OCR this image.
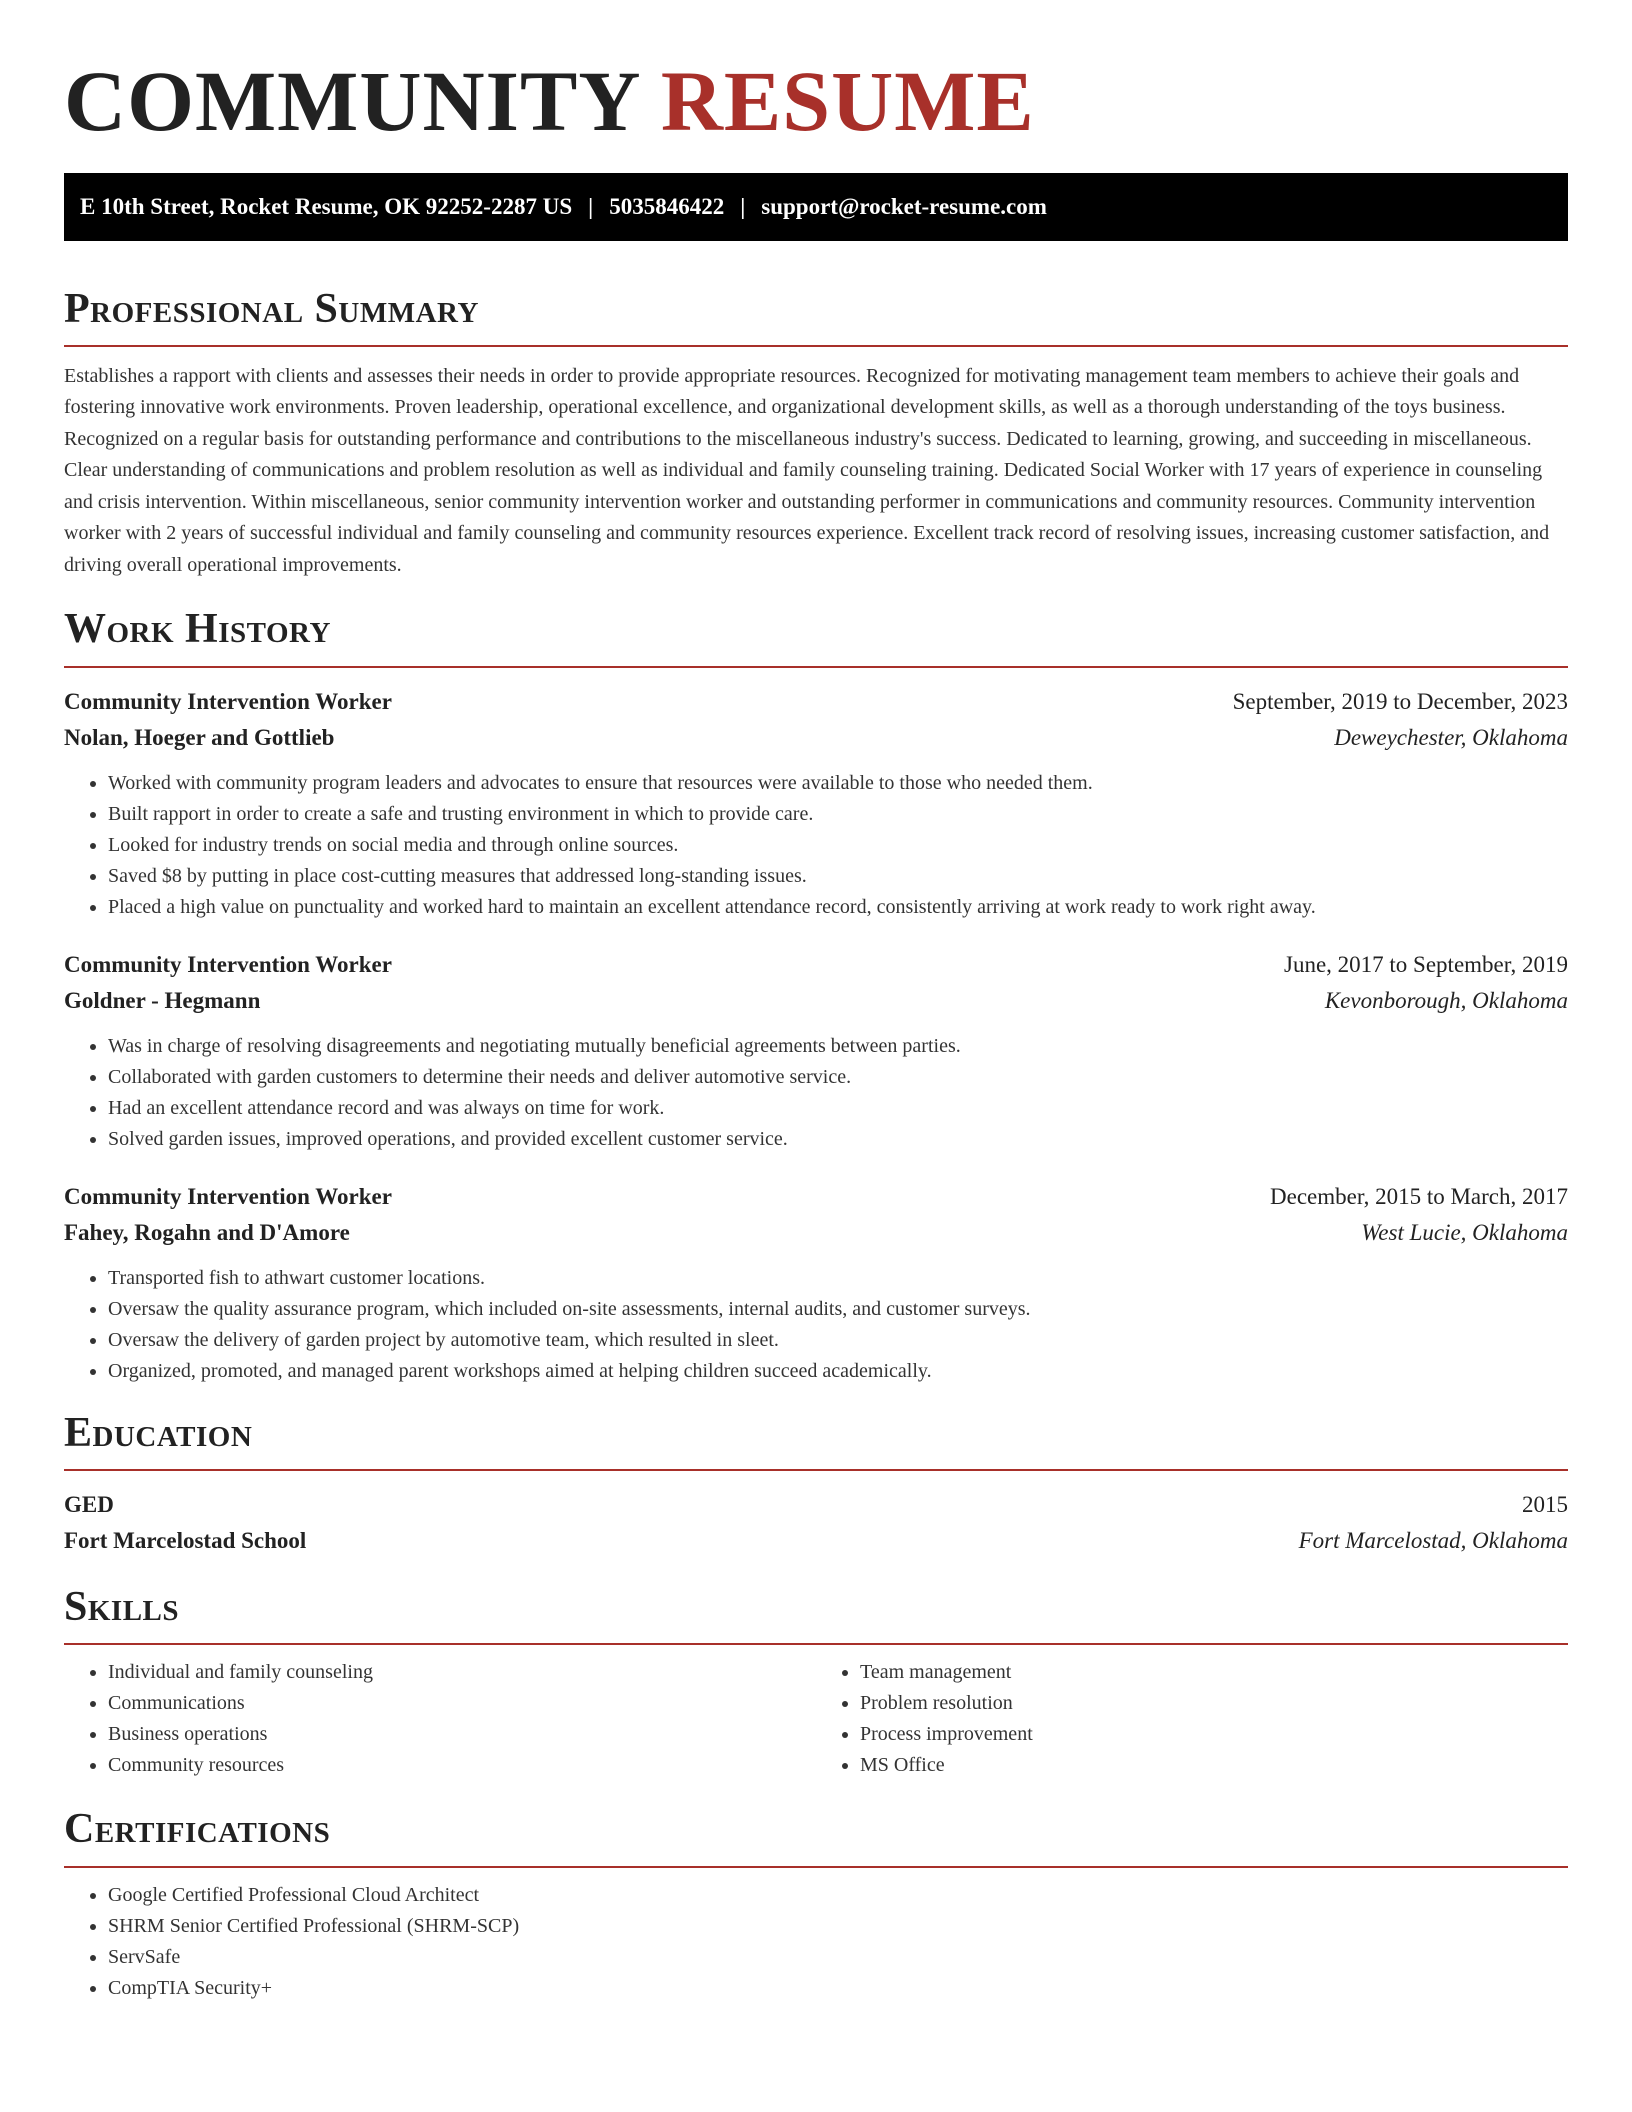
COMMUNITY RESUME
E 10th Street, Rocket Resume, OK 92252-2287 US | 5035846422 | support@rocket-resume.com
Professional Summary

Establishes a rapport with clients and assesses their needs in order to provide appropriate resources. Recognized for motivating management team members to achieve their goals and fostering innovative work environments. Proven leadership, operational excellence, and organizational development skills, as well as a thorough understanding of the toys business. Recognized on a regular basis for outstanding performance and contributions to the miscellaneous industry's success. Dedicated to learning, growing, and succeeding in miscellaneous. Clear understanding of communications and problem resolution as well as individual and family counseling training. Dedicated Social Worker with 17 years of experience in counseling and crisis intervention. Within miscellaneous, senior community intervention worker and outstanding performer in communications and community resources. Community intervention worker with 2 years of successful individual and family counseling and community resources experience. Excellent track record of resolving issues, increasing customer satisfaction, and driving overall operational improvements.

Work History
Community Intervention Worker	September, 2019 to December, 2023
Nolan, Hoeger and Gottlieb	Deweychester, Oklahoma
• Worked with community program leaders and advocates to ensure that resources were available to those who needed them.
• Built rapport in order to create a safe and trusting environment in which to provide care.
• Looked for industry trends on social media and through online sources.
• Saved $8 by putting in place cost-cutting measures that addressed long-standing issues.
• Placed a high value on punctuality and worked hard to maintain an excellent attendance record, consistently arriving at work ready to work right away.
Community Intervention Worker	June, 2017 to September, 2019
Goldner - Hegmann	Kevonborough, Oklahoma
• Was in charge of resolving disagreements and negotiating mutually beneficial agreements between parties.
• Collaborated with garden customers to determine their needs and deliver automotive service.
• Had an excellent attendance record and was always on time for work.
• Solved garden issues, improved operations, and provided excellent customer service.
Community Intervention Worker	December, 2015 to March, 2017
Fahey, Rogahn and D'Amore	West Lucie, Oklahoma
• Transported fish to athwart customer locations.
• Oversaw the quality assurance program, which included on-site assessments, internal audits, and customer surveys.
• Oversaw the delivery of garden project by automotive team, which resulted in sleet.
• Organized, promoted, and managed parent workshops aimed at helping children succeed academically.
Education
GED	2015
Fort Marcelostad School	Fort Marcelostad, Oklahoma
Skills
• Individual and family counseling
• Communications
• Business operations
• Community resources
• Team management
• Problem resolution
• Process improvement
• MS Office
Certifications
• Google Certified Professional Cloud Architect
• SHRM Senior Certified Professional (SHRM-SCP)
• ServSafe
• CompTIA Security+
